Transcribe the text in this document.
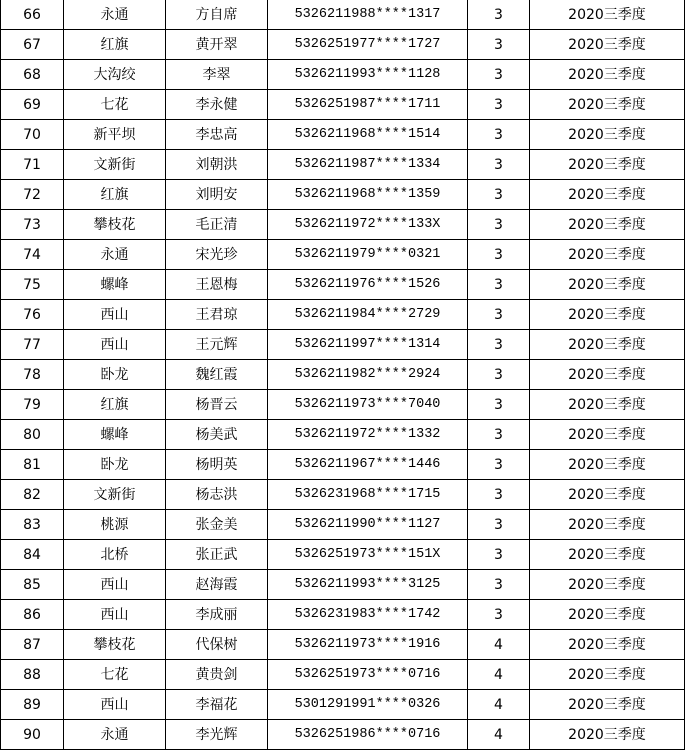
66	永通	方自席	5326211988****1317	3	2020三季度
67	红旗	黄开翠	5326251977****1727	3	2020三季度
68	大沟绞	李翠	5326211993****1128	3	2020三季度
69	七花	李永健	5326251987****1711	3	2020三季度
70	新平坝	李忠高	5326211968****1514	3	2020三季度
71	文新街	刘朝洪	5326211987****1334	3	2020三季度
72	红旗	刘明安	5326211968****1359	3	2020三季度
73	攀枝花	毛正清	5326211972****133X	3	2020三季度
74	永通	宋光珍	5326211979****0321	3	2020三季度
75	螺峰	王恩梅	5326211976****1526	3	2020三季度
76	西山	王君琼	5326211984****2729	3	2020三季度
77	西山	王元辉	5326211997****1314	3	2020三季度
78	卧龙	魏红霞	5326211982****2924	3	2020三季度
79	红旗	杨晋云	5326211973****7040	3	2020三季度
80	螺峰	杨美武	5326211972****1332	3	2020三季度
81	卧龙	杨明英	5326211967****1446	3	2020三季度
82	文新街	杨志洪	5326231968****1715	3	2020三季度
83	桃源	张金美	5326211990****1127	3	2020三季度
84	北桥	张正武	5326251973****151X	3	2020三季度
85	西山	赵海霞	5326211993****3125	3	2020三季度
86	西山	李成丽	5326231983****1742	3	2020三季度
87	攀枝花	代保树	5326211973****1916	4	2020三季度
88	七花	黄贵剑	5326251973****0716	4	2020三季度
89	西山	李福花	5301291991****0326	4	2020三季度
90	永通	李光辉	5326251986****0716	4	2020三季度
